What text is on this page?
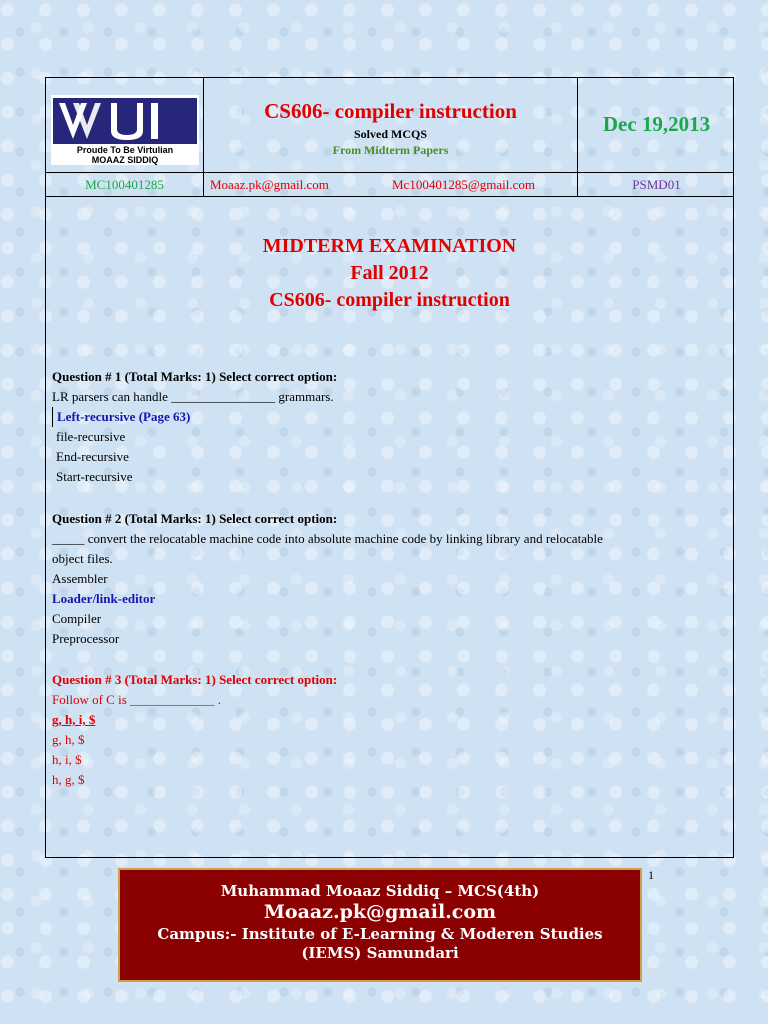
Proude To Be Virtulian
MOAAZ SIDDIQ
CS606- compiler instruction
Solved MCQS
From Midterm Papers
Dec 19,2013
MC100401285	Moaaz.pk@gmail.com	Mc100401285@gmail.com	PSMD01
MIDTERM EXAMINATION
Fall 2012
CS606- compiler instruction
Question # 1 (Total Marks: 1) Select correct option:
LR parsers can handle ________________ grammars.
Left-recursive (Page 63)
file-recursive
End-recursive
Start-recursive
Question # 2 (Total Marks: 1) Select correct option:
_____ convert the relocatable machine code into absolute machine code by linking library and relocatable
object files.
Assembler
Loader/link-editor
Compiler
Preprocessor
Question # 3 (Total Marks: 1) Select correct option:
Follow of C is _____________ .
g, h, i, $
g, h, $
h, i, $
h, g, $
1
Muhammad Moaaz Siddiq – MCS(4th)
Moaaz.pk@gmail.com
Campus:- Institute of E-Learning & Moderen Studies
(IEMS) Samundari
